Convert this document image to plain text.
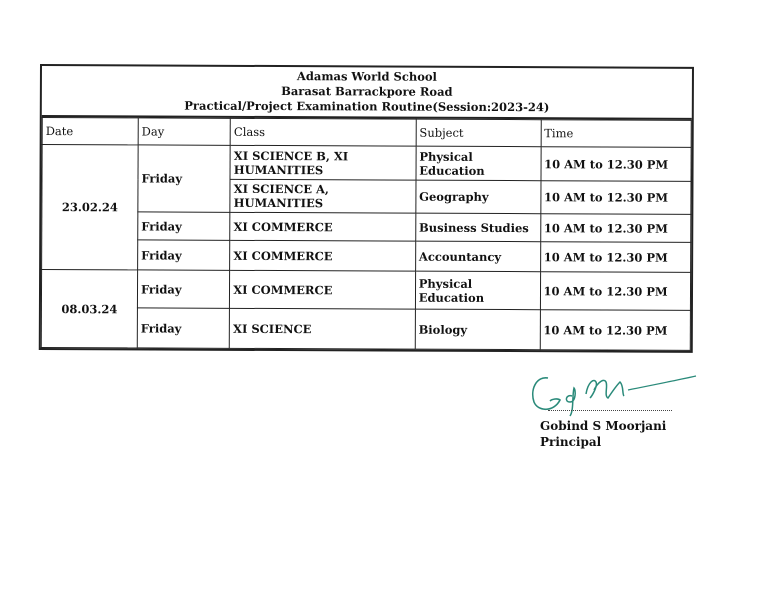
Adamas World School
Barasat Barrackpore Road
Practical/Project Examination Routine(Session:2023-24)
Date	Day	Class	Subject	Time
23.02.24	Friday	XI SCIENCE B, XI HUMANITIES	Physical Education	10 AM to 12.30 PM
		XI SCIENCE A, HUMANITIES	Geography	10 AM to 12.30 PM
	Friday	XI COMMERCE	Business Studies	10 AM to 12.30 PM
	Friday	XI COMMERCE	Accountancy	10 AM to 12.30 PM
08.03.24	Friday	XI COMMERCE	Physical Education	10 AM to 12.30 PM
	Friday	XI SCIENCE	Biology	10 AM to 12.30 PM
Gobind S Moorjani
Principal
